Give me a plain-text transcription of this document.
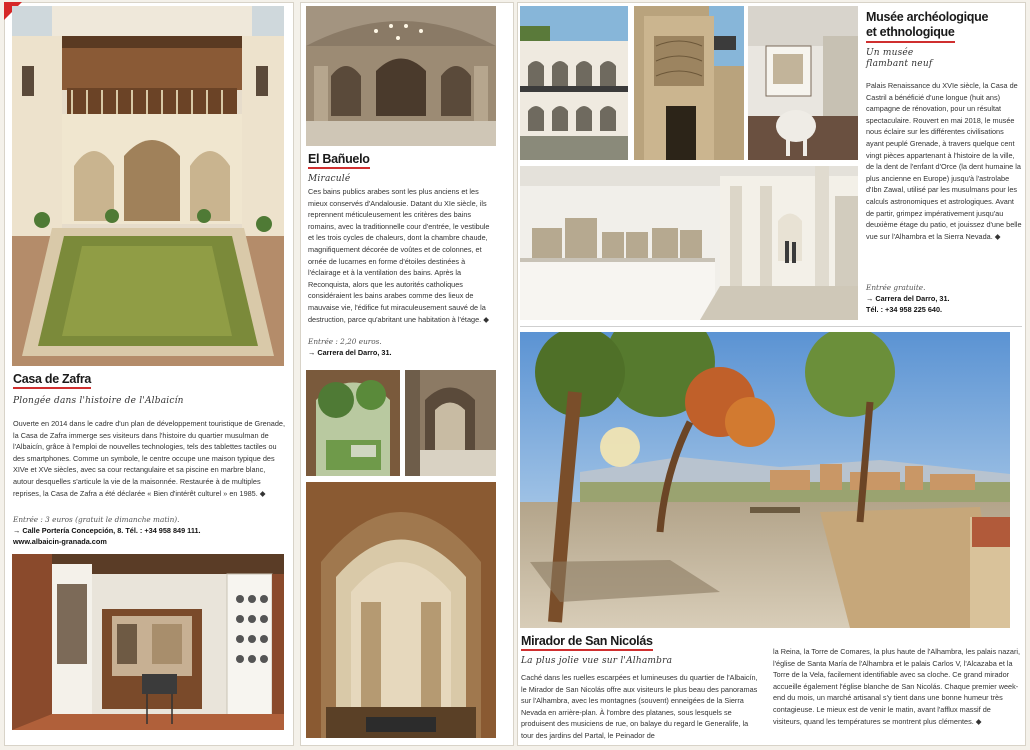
Casa de Zafra
Plongée dans l'histoire de l'Albaicín
Ouverte en 2014 dans le cadre d'un plan de développement touristique de Grenade, la Casa de Zafra immerge ses visiteurs dans l'histoire du quartier musulman de l'Albaicín, grâce à l'emploi de nouvelles technologies, tels des tablettes tactiles ou des smartphones. Comme un symbole, le centre occupe une maison typique des XIVe et XVe siècles, avec sa cour rectangulaire et sa piscine en marbre blanc, autour desquelles s'articule la vie de la maisonnée. Restaurée à de multiples reprises, la Casa de Zafra a été déclarée « Bien d'intérêt culturel » en 1985. ◆
Entrée : 3 euros (gratuit le dimanche matin).
→ Calle Portería Concepción, 8. Tél. : +34 958 849 111.
www.albaicin-granada.com
El Bañuelo
Miraculé
Ces bains publics arabes sont les plus anciens et les mieux conservés d'Andalousie. Datant du XIe siècle, ils reprennent méticuleusement les critères des bains romains, avec la traditionnelle cour d'entrée, le vestibule et les trois cycles de chaleurs, dont la chambre chaude, magnifiquement décorée de voûtes et de colonnes, et ornée de lucarnes en forme d'étoiles destinées à l'éclairage et à la ventilation des bains. Après la Reconquista, alors que les autorités catholiques considéraient les bains arabes comme des lieux de mauvaise vie, l'édifice fut miraculeusement sauvé de la destruction, parce qu'abritant une habitation à l'étage. ◆
Entrée : 2,20 euros.
→ Carrera del Darro, 31.
Musée archéologique
et ethnologique
Un musée
flambant neuf
Palais Renaissance du XVIe siècle, la Casa de Castril a bénéficié d'une longue (huit ans) campagne de rénovation, pour un résultat spectaculaire. Rouvert en mai 2018, le musée nous éclaire sur les différentes civilisations ayant peuplé Grenade, à travers quelque cent vingt pièces appartenant à l'histoire de la ville, de la dent de l'enfant d'Orce (la dent humaine la plus ancienne en Europe) jusqu'à l'astrolabe d'Ibn Zawal, utilisé par les musulmans pour les calculs astronomiques et astrologiques. Avant de partir, grimpez impérativement jusqu'au deuxième étage du patio, et jouissez d'une belle vue sur l'Alhambra et la Sierra Nevada. ◆
Entrée gratuite.
→ Carrera del Darro, 31.
Tél. : +34 958 225 640.
© Nik Waller Productions
Mirador de San Nicolás
La plus jolie vue sur l'Alhambra
Caché dans les ruelles escarpées et lumineuses du quartier de l'Albaicín, le Mirador de San Nicolás offre aux visiteurs le plus beau des panoramas sur l'Alhambra, avec les montagnes (souvent) enneigées de la Sierra Nevada en arrière-plan. À l'ombre des platanes, sous lesquels se produisent des musiciens de rue, on balaye du regard le Generalife, la tour des jardins del Partal, le Peinador de
la Reina, la Torre de Comares, la plus haute de l'Alhambra, les palais nazari, l'église de Santa María de l'Alhambra et le palais Carlos V, l'Alcazaba et la Torre de la Vela, facilement identifiable avec sa cloche. Ce grand mirador accueille également l'église blanche de San Nicolás. Chaque premier week-end du mois, un marché artisanal s'y tient dans une bonne humeur très contagieuse. Le mieux est de venir le matin, avant l'afflux massif de visiteurs, quand les températures se montrent plus clémentes. ◆
